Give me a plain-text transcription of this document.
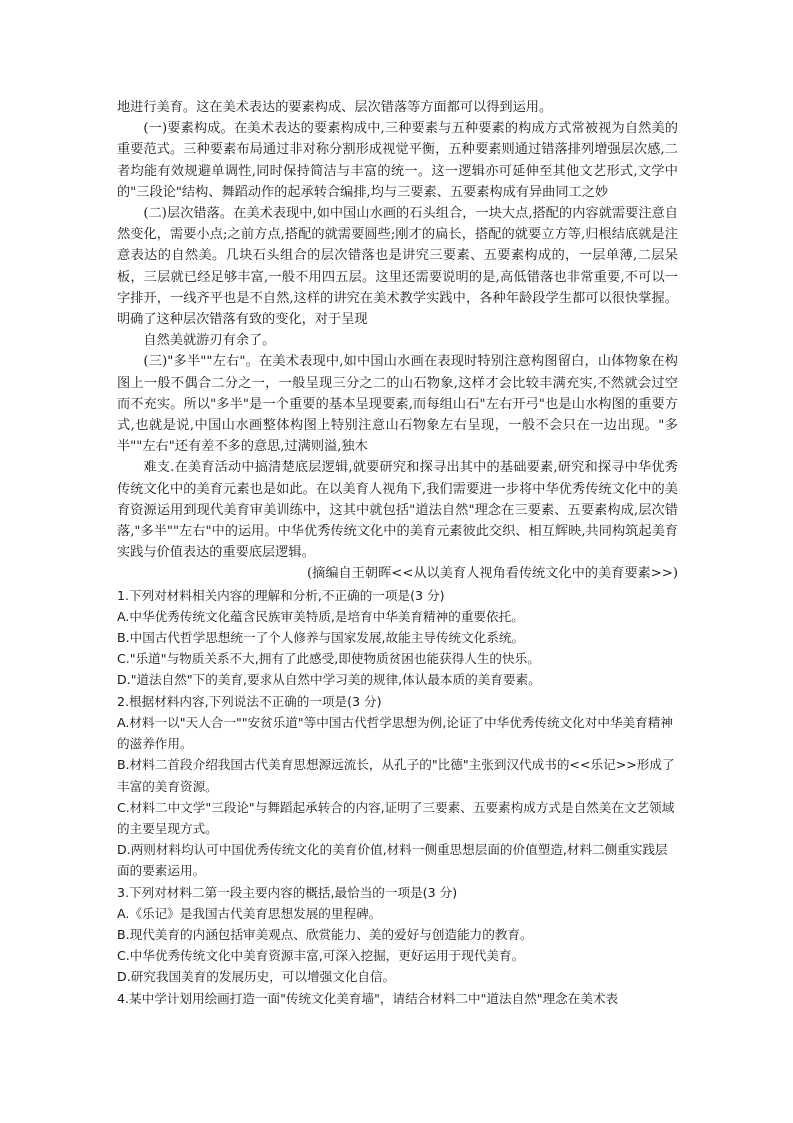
地进行美育。这在美术表达的要素构成、层次错落等方面都可以得到运用。

(一)要素构成。在美术表达的要素构成中,三种要素与五种要素的构成方式常被视为自然美的重要范式。三种要素布局通过非对称分割形成视觉平衡，五种要素则通过错落排列增强层次感,二者均能有效规避单调性,同时保持简洁与丰富的统一。这一逻辑亦可延伸至其他文艺形式,文学中的"三段论"结构、舞蹈动作的起承转合编排,均与三要素、五要素构成有异曲同工之妙

(二)层次错落。在美术表现中,如中国山水画的石头组合，一块大点,搭配的内容就需要注意自然变化，需要小点;之前方点,搭配的就需要圆些;刚才的扁长，搭配的就要立方等,归根结底就是注意表达的自然美。几块石头组合的层次错落也是讲究三要素、五要素构成的，一层单薄,二层呆板，三层就已经足够丰富,一般不用四五层。这里还需要说明的是,高低错落也非常重要,不可以一字排开，一线齐平也是不自然,这样的讲究在美术教学实践中，各种年龄段学生都可以很快掌握。明确了这种层次错落有致的变化，对于呈现

自然美就游刃有余了。

(三)"多半""左右"。在美术表现中,如中国山水画在表现时特别注意构图留白，山体物象在构图上一般不偶合二分之一，一般呈现三分之二的山石物象,这样才会比较丰满充实,不然就会过空而不充实。所以"多半"是一个重要的基本呈现要素,而每组山石"左右开弓"也是山水构图的重要方式,也就是说,中国山水画整体构图上特别注意山石物象左右呈现，一般不会只在一边出现。"多半""左右"还有差不多的意思,过满则溢,独木

难支.在美育活动中搞清楚底层逻辑,就要研究和探寻出其中的基础要素,研究和探寻中华优秀传统文化中的美育元素也是如此。在以美育人视角下,我们需要进一步将中华优秀传统文化中的美育资源运用到现代美育审美训练中，这其中就包括"道法自然"理念在三要素、五要素构成,层次错落,"多半""左右"中的运用。中华优秀传统文化中的美育元素彼此交织、相互辉映,共同构筑起美育实践与价值表达的重要底层逻辑。

(摘编自王朝晖<<从以美育人视角看传统文化中的美育要素>>)

1.下列对材料相关内容的理解和分析,不正确的一项是(3 分)

A.中华优秀传统文化蕴含民族审美特质,是培育中华美育精神的重要依托。

B.中国古代哲学思想统一了个人修养与国家发展,故能主导传统文化系统。

C."乐道"与物质关系不大,拥有了此感受,即使物质贫困也能获得人生的快乐。

D."道法自然"下的美育,要求从自然中学习美的规律,体认最本质的美育要素。

2.根据材料内容,下列说法不正确的一项是(3 分)

A.材料一以"天人合一""安贫乐道"等中国古代哲学思想为例,论证了中华优秀传统文化对中华美育精神的滋养作用。

B.材料二首段介绍我国古代美育思想源远流长，从孔子的"比德"主张到汉代成书的<<乐记>>形成了丰富的美育资源。

C.材料二中文学"三段论"与舞蹈起承转合的内容,证明了三要素、五要素构成方式是自然美在文艺领域的主要呈现方式。

D.两则材料均认可中国优秀传统文化的美育价值,材料一侧重思想层面的价值塑造,材料二侧重实践层面的要素运用。

3.下列对材料二第一段主要内容的概括,最恰当的一项是(3 分)

A.《乐记》是我国古代美育思想发展的里程碑。

B.现代美育的内涵包括审美观点、欣赏能力、美的爱好与创造能力的教育。

C.中华优秀传统文化中美育资源丰富,可深入挖掘，更好运用于现代美育。

D.研究我国美育的发展历史，可以增强文化自信。

4.某中学计划用绘画打造一面"传统文化美育墙"，请结合材料二中"道法自然"理念在美术表
